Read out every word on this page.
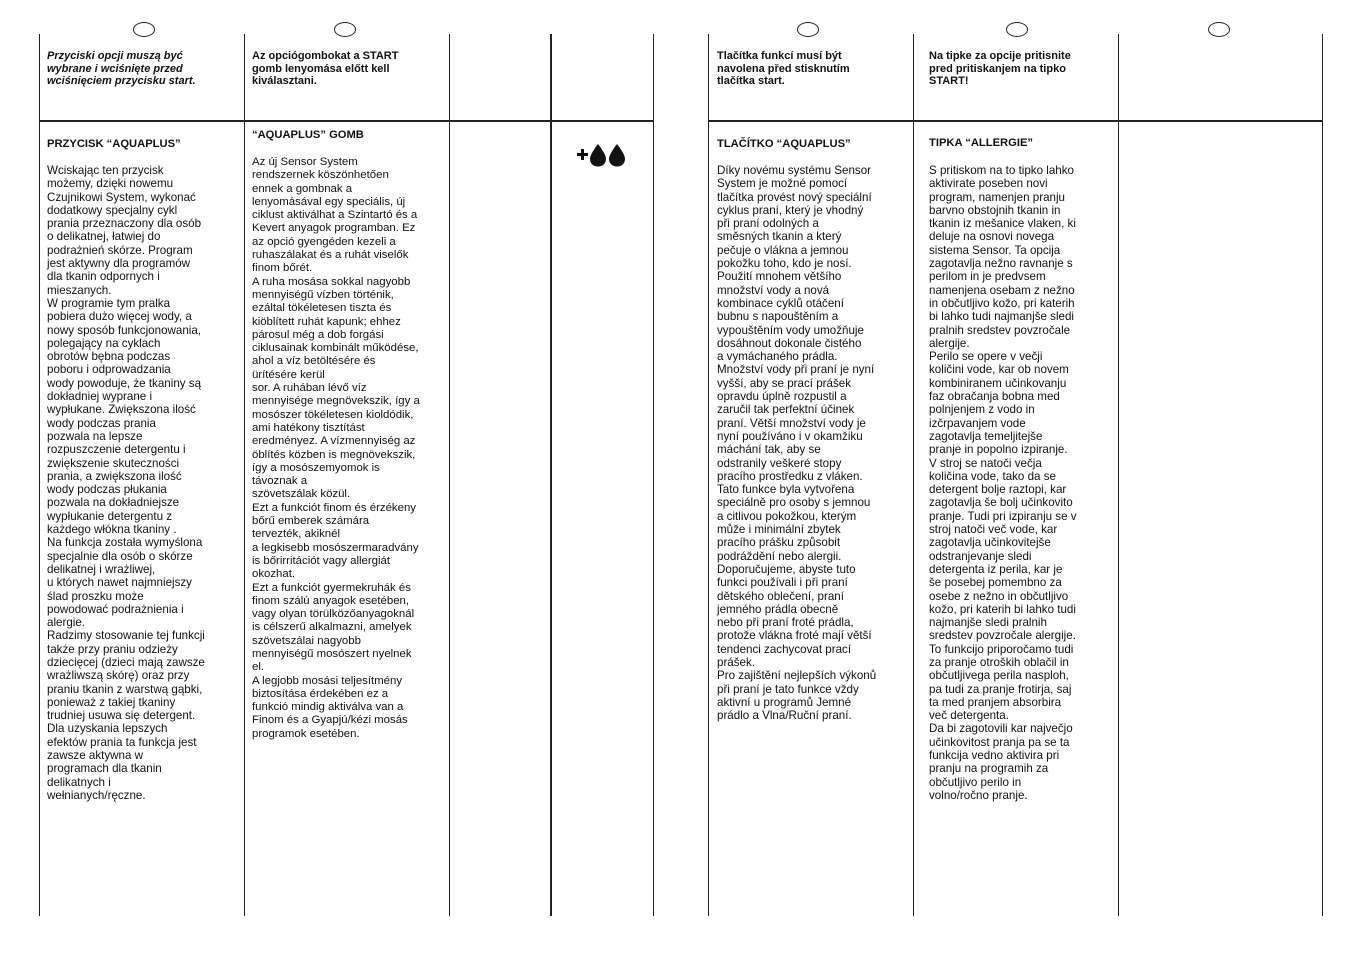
Przyciski opcji muszą być
wybrane i wciśnięte przed
wciśnięciem przycisku start.

PRZYCISK “AQUAPLUS”

Wciskając ten przycisk
możemy, dzięki nowemu
Czujnikowi System, wykonać
dodatkowy specjalny cykl
prania przeznaczony dla osób
o delikatnej, łatwiej do
podrażnień skórze. Program
jest aktywny dla programów
dla tkanin odpornych i
mieszanych.
W programie tym pralka
pobiera dużo więcej wody, a
nowy sposób funkcjonowania,
polegający na cyklach
obrotów bębna podczas
poboru i odprowadzania
wody powoduje, że tkaniny są
dokładniej wyprane i
wypłukane. Zwiększona ilość
wody podczas prania
pozwala na lepsze
rozpuszczenie detergentu i
zwiększenie skuteczności
prania, a zwiększona ilość
wody podczas płukania
pozwala na dokładniejsze
wypłukanie detergentu z
każdego włókna tkaniny .
Na funkcja została wymyślona
specjalnie dla osób o skórze
delikatnej i wrażliwej,
u których nawet najmniejszy
ślad proszku może
powodować podrażnienia i
alergie.
Radzimy stosowanie tej funkcji
także przy praniu odzieży
dziecięcej (dzieci mają zawsze
wrażliwszą skórę) oraz przy
praniu tkanin z warstwą gąbki,
ponieważ z takiej tkaniny
trudniej usuwa się detergent.
Dla uzyskania lepszych
efektów prania ta funkcja jest
zawsze aktywna w
programach dla tkanin
delikatnych i
wełnianych/ręczne.

Az opciógombokat a START
gomb lenyomása előtt kell
kiválasztani.

“AQUAPLUS” GOMB

Az új Sensor System
rendszernek köszönhetően
ennek a gombnak a
lenyomásával egy speciális, új
ciklust aktiválhat a Szintartó és a
Kevert anyagok programban. Ez
az opció gyengéden kezeli a
ruhaszálakat és a ruhát viselők
finom bőrét.
A ruha mosása sokkal nagyobb
mennyiségű vízben történik,
ezáltal tökéletesen tiszta és
kiöblített ruhát kapunk; ehhez
párosul még a dob forgási
ciklusainak kombinált működése,
ahol a víz betöltésére és
ürítésére kerül
sor. A ruhában lévő víz
mennyisége megnövekszik, így a
mosószer tökéletesen kioldódik,
ami hatékony tisztítást
eredményez. A vízmennyiség az
öblítés közben is megnövekszik,
így a mosószemyomok is
távoznak a
szövetszálak közül.
Ezt a funkciót finom és érzékeny
bőrű emberek számára
tervezték, akiknél
a legkisebb mosószermaradvány
is bőrirritációt vagy allergiát
okozhat.
Ezt a funkciót gyermekruhák és
finom szálú anyagok esetében,
vagy olyan törülközőanyagoknál
is célszerű alkalmazni, amelyek
szövetszálai nagyobb
mennyiségű mosószert nyelnek
el.
A legjobb mosási teljesítmény
biztosítása érdekében ez a
funkció mindig aktiválva van a
Finom és a Gyapjú/kézi mosás
programok esetében.

Tlačítka funkcí musí být
navolena před stisknutím
tlačítka start.

TLAČÍTKO “AQUAPLUS”

Díky novému systému Sensor
System je možné pomocí
tlačítka provést nový speciální
cyklus praní, který je vhodný
při praní odolných a
směsných tkanin a který
pečuje o vlákna a jemnou
pokožku toho, kdo je nosí.
Použití mnohem většího
množství vody a nová
kombinace cyklů otáčení
bubnu s napouštěním a
vypouštěním vody umožňuje
dosáhnout dokonale čistého
a vymáchaného prádla.
Množství vody při praní je nyní
vyšší, aby se prací prášek
opravdu úplně rozpustil a
zaručil tak perfektní účinek
praní. Větší množství vody je
nyní používáno i v okamžiku
máchání tak, aby se
odstranily veškeré stopy
pracího prostředku z vláken.
Tato funkce byla vytvořena
speciálně pro osoby s jemnou
a citlivou pokožkou, kterým
může i minimální zbytek
pracího prášku způsobit
podráždění nebo alergii.
Doporučujeme, abyste tuto
funkci používali i při praní
dětského oblečení, praní
jemného prádla obecně
nebo při praní froté prádla,
protože vlákna froté mají větší
tendenci zachycovat prací
prášek.
Pro zajištění nejlepších výkonů
při praní je tato funkce vždy
aktivní u programů Jemné
prádlo a Vlna/Ruční praní.

Na tipke za opcije pritisnite
pred pritiskanjem na tipko
START!

TIPKA “ALLERGIE”

S pritiskom na to tipko lahko
aktivirate poseben novi
program, namenjen pranju
barvno obstojnih tkanin in
tkanin iz mešanice vlaken, ki
deluje na osnovi novega
sistema Sensor. Ta opcija
zagotavlja nežno ravnanje s
perilom in je predvsem
namenjena osebam z nežno
in občutljivo kožo, pri katerih
bi lahko tudi najmanjše sledi
pralnih sredstev povzročale
alergije.
Perilo se opere v večji
količini vode, kar ob novem
kombiniranem učinkovanju
faz obračanja bobna med
polnjenjem z vodo in
izčrpavanjem vode
zagotavlja temeljitejše
pranje in popolno izpiranje.
V stroj se natoči večja
količina vode, tako da se
detergent bolje raztopi, kar
zagotavlja še bolj učinkovito
pranje. Tudi pri izpiranju se v
stroj natoči več vode, kar
zagotavlja učinkovitejše
odstranjevanje sledi
detergenta iz perila, kar je
še posebej pomembno za
osebe z nežno in občutljivo
kožo, pri katerih bi lahko tudi
najmanjše sledi pralnih
sredstev povzročale alergije.
To funkcijo priporočamo tudi
za pranje otroških oblačil in
občutljivega perila nasploh,
pa tudi za pranje frotirja, saj
ta med pranjem absorbira
več detergenta.
Da bi zagotovili kar največjo
učinkovitost pranja pa se ta
funkcija vedno aktivira pri
pranju na programih za
občutljivo perilo in
volno/ročno pranje.
